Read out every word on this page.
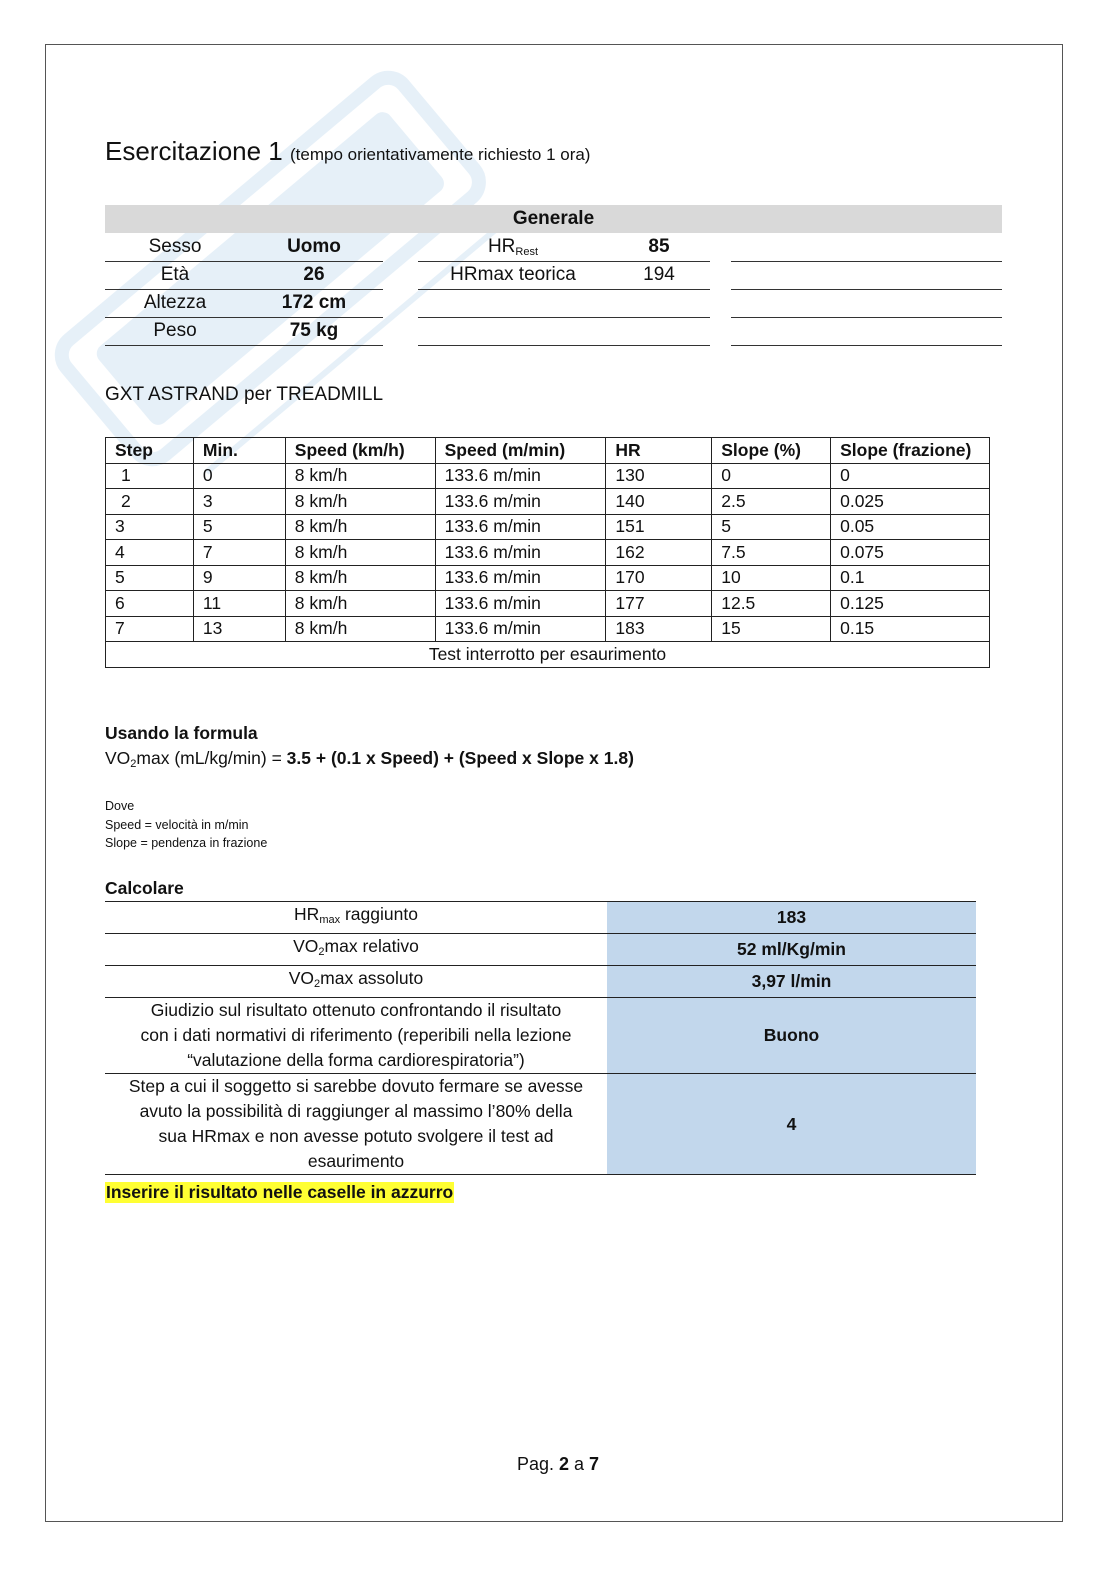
Esercitazione 1 (tempo orientativamente richiesto 1 ora)
Generale
Sesso	Uomo	$HR_{Rest}$	85
Età	26	HRmax teorica	194
Altezza	172 cm
Peso	75 kg
GXT ASTRAND per TREADMILL
Step	Min.	Speed (km/h)	Speed (m/min)	HR	Slope (%)	Slope (frazione)
1	0	8 km/h	133.6 m/min	130	0	0
2	3	8 km/h	133.6 m/min	140	2.5	0.025
3	5	8 km/h	133.6 m/min	151	5	0.05
4	7	8 km/h	133.6 m/min	162	7.5	0.075
5	9	8 km/h	133.6 m/min	170	10	0.1
6	11	8 km/h	133.6 m/min	177	12.5	0.125
7	13	8 km/h	133.6 m/min	183	15	0.15
Test interrotto per esaurimento						
Usando la formula
$VO_2\max$ (mL/kg/min) = 3.5 + (0.1 x Speed) + (Speed x Slope x 1.8)
Dove
Speed = velocità in m/min
Slope = pendenza in frazione
Calcolare
$HR_{max}$ raggiunto	183
$VO_2\max$ relativo	52 ml/Kg/min
$VO_2\max$ assoluto	3,97 l/min

Giudizio sul risultato ottenuto confrontando il risultato
con i dati normativi di riferimento (reperibili nella lezione
“valutazione della forma cardiorespiratoria”)	Buono

Step a cui il soggetto si sarebbe dovuto fermare se avesse
avuto la possibilità di raggiunger al massimo l’80% della
sua HRmax e non avesse potuto svolgere il test ad
esaurimento	4
Inserire il risultato nelle caselle in azzurro
Pag. 2 a 7
